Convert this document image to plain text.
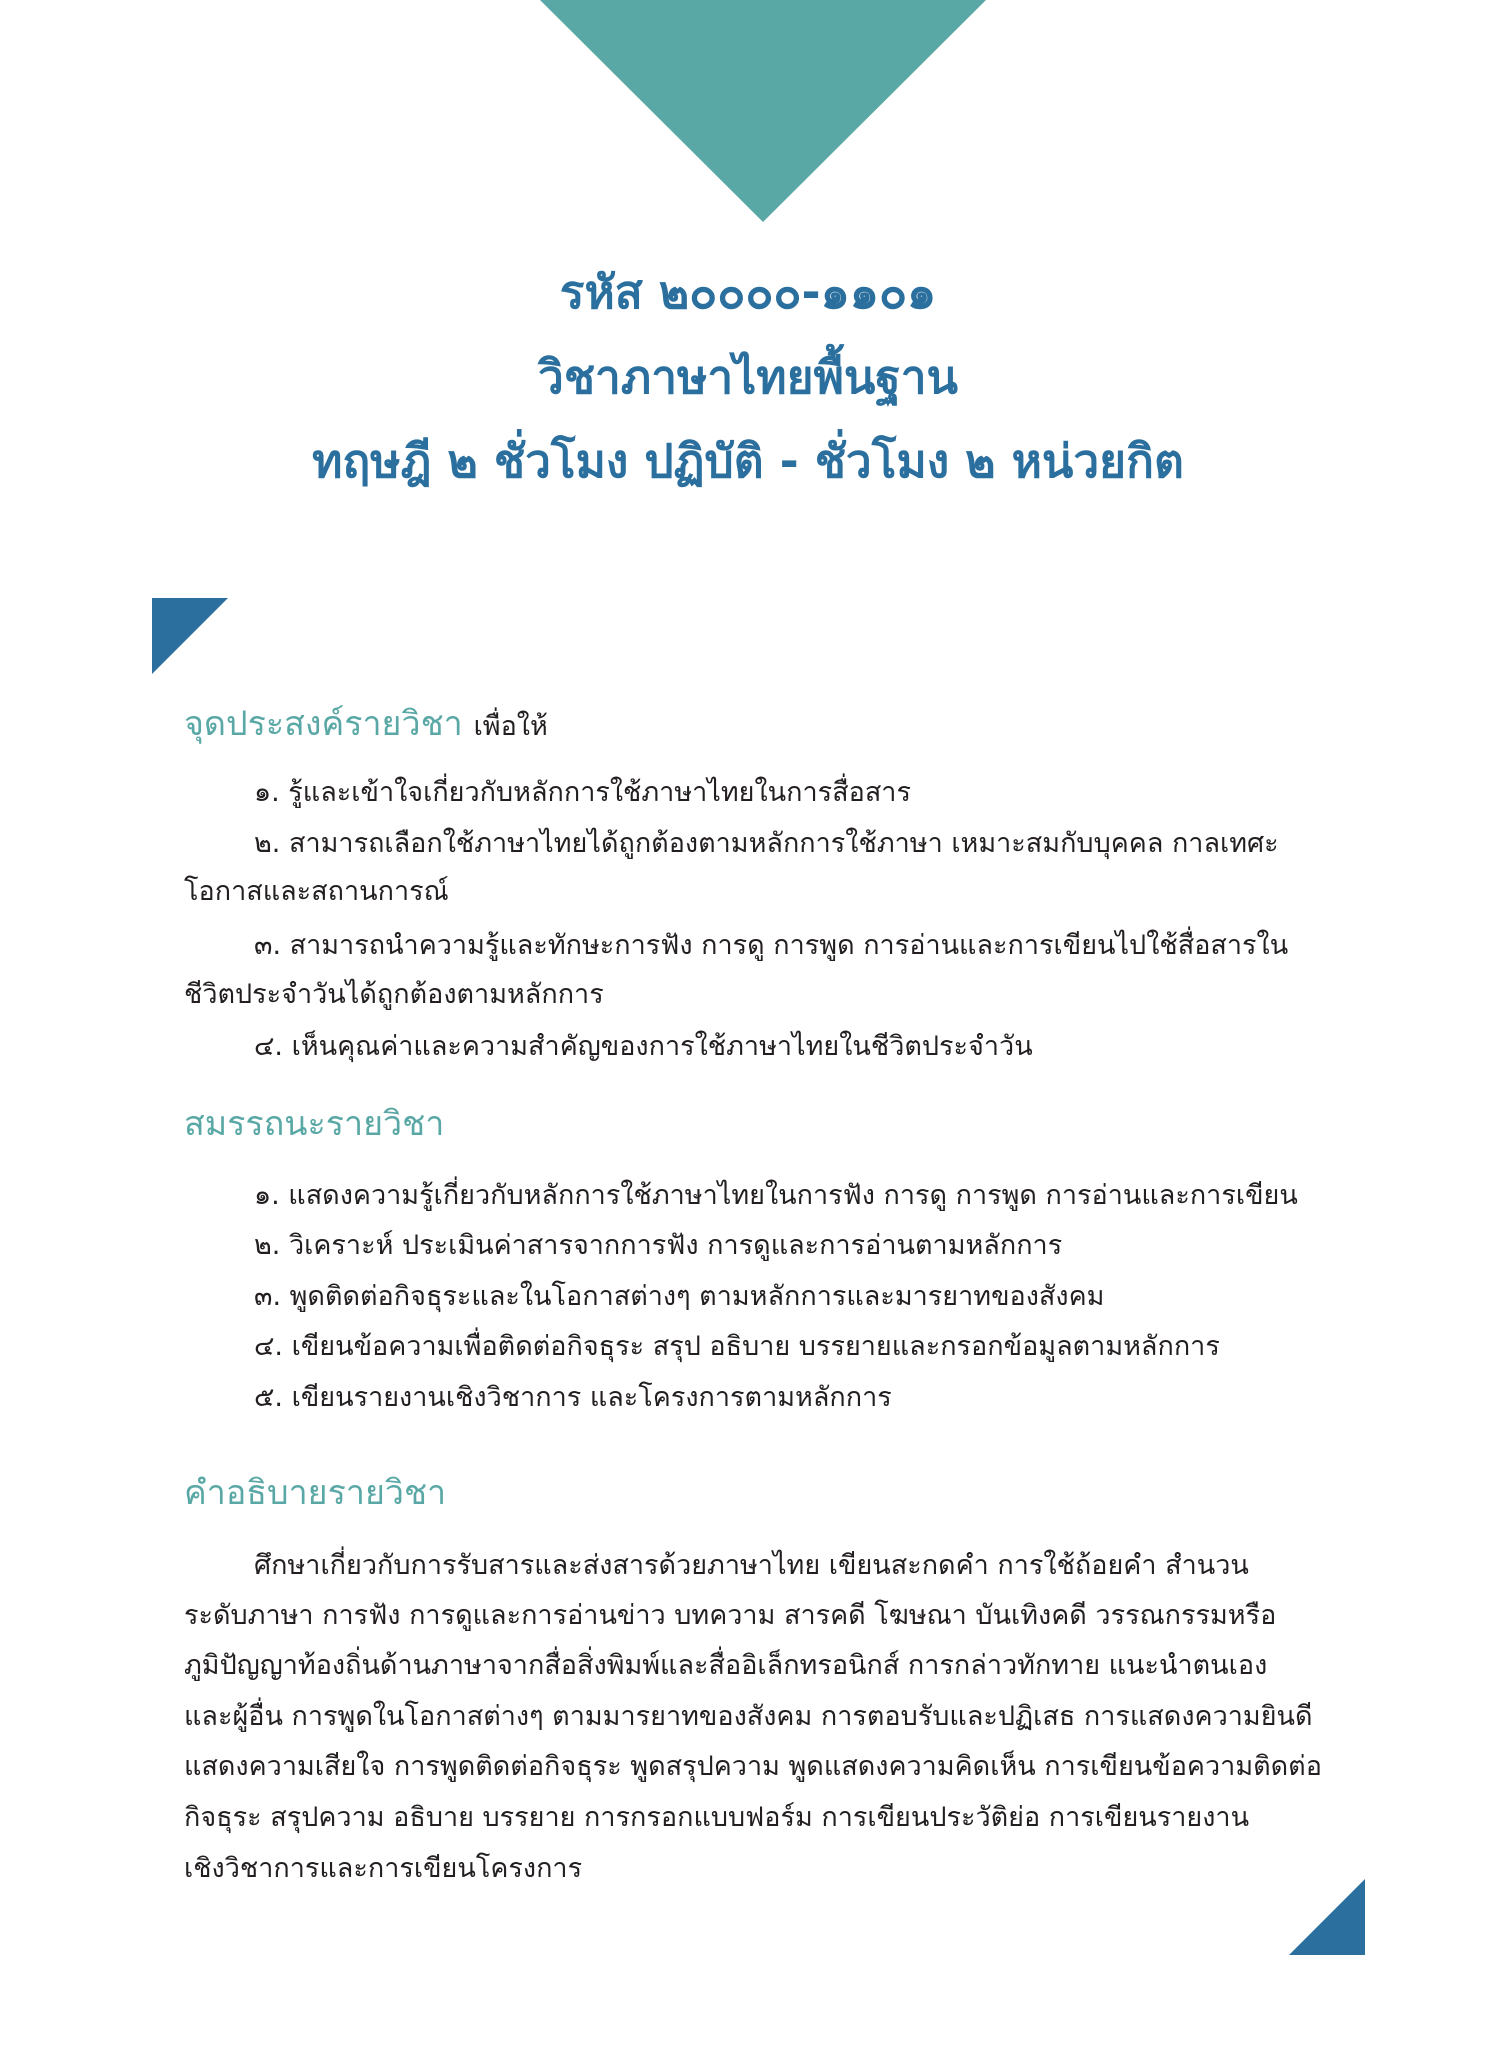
รหัส ๒๐๐๐๐-๑๑๐๑
วิชาภาษาไทยพื้นฐาน
ทฤษฎี ๒ ชั่วโมง ปฏิบัติ - ชั่วโมง ๒ หน่วยกิต
จุดประสงค์รายวิชา เพื่อให้
๑. รู้และเข้าใจเกี่ยวกับหลักการใช้ภาษาไทยในการสื่อสาร
๒. สามารถเลือกใช้ภาษาไทยได้ถูกต้องตามหลักการใช้ภาษา เหมาะสมกับบุคคล กาลเทศะ
โอกาสและสถานการณ์
๓. สามารถนำความรู้และทักษะการฟัง การดู การพูด การอ่านและการเขียนไปใช้สื่อสารใน
ชีวิตประจำวันได้ถูกต้องตามหลักการ
๔. เห็นคุณค่าและความสำคัญของการใช้ภาษาไทยในชีวิตประจำวัน
สมรรถนะรายวิชา
๑. แสดงความรู้เกี่ยวกับหลักการใช้ภาษาไทยในการฟัง การดู การพูด การอ่านและการเขียน
๒. วิเคราะห์ ประเมินค่าสารจากการฟัง การดูและการอ่านตามหลักการ
๓. พูดติดต่อกิจธุระและในโอกาสต่างๆ ตามหลักการและมารยาทของสังคม
๔. เขียนข้อความเพื่อติดต่อกิจธุระ สรุป อธิบาย บรรยายและกรอกข้อมูลตามหลักการ
๕. เขียนรายงานเชิงวิชาการ และโครงการตามหลักการ
คำอธิบายรายวิชา
ศึกษาเกี่ยวกับการรับสารและส่งสารด้วยภาษาไทย เขียนสะกดคำ การใช้ถ้อยคำ สำนวน
ระดับภาษา การฟัง การดูและการอ่านข่าว บทความ สารคดี โฆษณา บันเทิงคดี วรรณกรรมหรือ
ภูมิปัญญาท้องถิ่นด้านภาษาจากสื่อสิ่งพิมพ์และสื่ออิเล็กทรอนิกส์ การกล่าวทักทาย แนะนำตนเอง
และผู้อื่น การพูดในโอกาสต่างๆ ตามมารยาทของสังคม การตอบรับและปฏิเสธ การแสดงความยินดี
แสดงความเสียใจ การพูดติดต่อกิจธุระ พูดสรุปความ พูดแสดงความคิดเห็น การเขียนข้อความติดต่อ
กิจธุระ สรุปความ อธิบาย บรรยาย การกรอกแบบฟอร์ม การเขียนประวัติย่อ การเขียนรายงาน
เชิงวิชาการและการเขียนโครงการ
